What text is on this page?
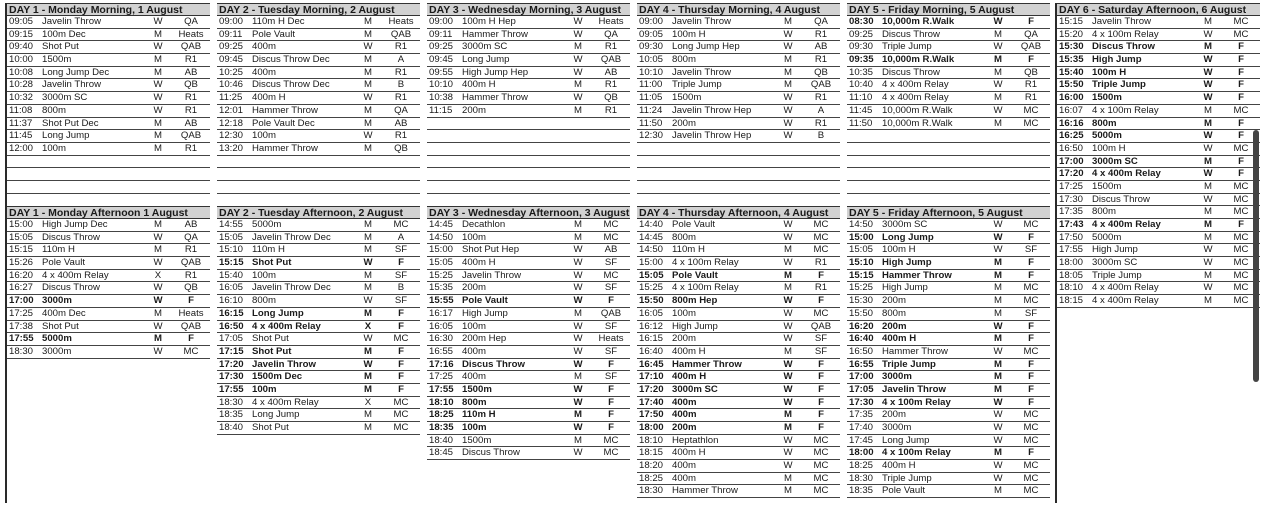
DAY 1 - Monday Morning, 1 August
09:05 Javelin Throw	W	QA
09:15 100m Dec	M	Heats
09:40 Shot Put	W	QAB
10:00 1500m	M	R1
10:08 Long Jump Dec	M	AB
10:28 Javelin Throw	W	QB
10:32 3000m SC	W	R1
11:08 800m	W	R1
11:37 Shot Put Dec	M	AB
11:45 Long Jump	M	QAB
12:00 100m	M	R1
DAY 1 - Monday Afternoon 1 August
15:00 High Jump Dec	M	AB
15:05 Discus Throw	W	QA
15:15 110m H	M	R1
15:26 Pole Vault	W	QAB
16:20 4 x 400m Relay	X	R1
16:27 Discus Throw	W	QB
17:00 3000m	W	F
17:25 400m Dec	M	Heats
17:38 Shot Put	W	QAB
17:55 5000m	M	F
18:30 3000m	W	MC
DAY 2 - Tuesday Morning, 2 August
09:00 110m H Dec	M	Heats
09:11 Pole Vault	M	QAB
09:25 400m	W	R1
09:45 Discus Throw Dec	M	A
10:25 400m	M	R1
10:46 Discus Throw Dec	M	B
11:25 400m H	W	R1
12:01 Hammer Throw	M	QA
12:18 Pole Vault Dec	M	AB
12:30 100m	W	R1
13:20 Hammer Throw	M	QB
DAY 2 - Tuesday Afternoon, 2 August
14:55 5000m	M	MC
15:05 Javelin Throw Dec	M	A
15:10 110m H	M	SF
15:15 Shot Put	W	F
15:40 100m	M	SF
16:05 Javelin Throw Dec	M	B
16:10 800m	W	SF
16:15 Long Jump	M	F
16:50 4 x 400m Relay	X	F
17:05 Shot Put	W	MC
17:15 Shot Put	M	F
17:20 Javelin Throw	W	F
17:30 1500m Dec	M	F
17:55 100m	M	F
18:30 4 x 400m Relay	X	MC
18:35 Long Jump	M	MC
18:40 Shot Put	M	MC
DAY 3 - Wednesday Morning, 3 August
09:00 100m H Hep	W	Heats
09:11 Hammer Throw	W	QA
09:25 3000m SC	M	R1
09:45 Long Jump	W	QAB
09:55 High Jump Hep	W	AB
10:10 400m H	M	R1
10:38 Hammer Throw	W	QB
11:15 200m	M	R1
DAY 3 - Wednesday Afternoon, 3 August
14:45 Decathlon	M	MC
14:50 100m	M	MC
15:00 Shot Put Hep	W	AB
15:05 400m H	W	SF
15:25 Javelin Throw	W	MC
15:35 200m	W	SF
15:55 Pole Vault	W	F
16:17 High Jump	M	QAB
16:05 100m	W	SF
16:30 200m Hep	W	Heats
16:55 400m	W	SF
17:16 Discus Throw	W	F
17:25 400m	M	SF
17:55 1500m	W	F
18:10 800m	W	F
18:25 110m H	M	F
18:35 100m	W	F
18:40 1500m	M	MC
18:45 Discus Throw	W	MC
DAY 4 - Thursday Morning, 4 August
09:00 Javelin Throw	M	QA
09:05 100m H	W	R1
09:30 Long Jump Hep	W	AB
10:05 800m	M	R1
10:10 Javelin Throw	M	QB
11:00 Triple Jump	M	QAB
11:05 1500m	W	R1
11:24 Javelin Throw Hep	W	A
11:50 200m	W	R1
12:30 Javelin Throw Hep	W	B
DAY 4 - Thursday Afternoon, 4 August
14:40 Pole Vault	W	MC
14:45 800m	W	MC
14:50 110m H	M	MC
15:00 4 x 100m Relay	W	R1
15:05 Pole Vault	M	F
15:25 4 x 100m Relay	M	R1
15:50 800m Hep	W	F
16:05 100m	W	MC
16:12 High Jump	W	QAB
16:15 200m	W	SF
16:40 400m H	M	SF
16:45 Hammer Throw	W	F
17:10 400m H	W	F
17:20 3000m SC	W	F
17:40 400m	W	F
17:50 400m	M	F
18:00 200m	M	F
18:10 Heptathlon	W	MC
18:15 400m H	W	MC
18:20 400m	W	MC
18:25 400m	M	MC
18:30 Hammer Throw	M	MC
DAY 5 - Friday Morning, 5 August
08:30 10,000m R.Walk	W	F
09:25 Discus Throw	M	QA
09:30 Triple Jump	W	QAB
09:35 10,000m R.Walk	M	F
10:35 Discus Throw	M	QB
10:40 4 x 400m Relay	W	R1
11:10 4 x 400m Relay	M	R1
11:45 10,000m R.Walk	W	MC
11:50 10,000m R.Walk	M	MC
DAY 5 - Friday Afternoon, 5 August
14:50 3000m SC	W	MC
15:00 Long Jump	W	F
15:05 100m H	W	SF
15:10 High Jump	M	F
15:15 Hammer Throw	M	F
15:25 High Jump	M	MC
15:30 200m	M	MC
15:50 800m	M	SF
16:20 200m	W	F
16:40 400m H	M	F
16:50 Hammer Throw	W	MC
16:55 Triple Jump	M	F
17:00 3000m	M	F
17:05 Javelin Throw	M	F
17:30 4 x 100m Relay	W	F
17:35 200m	W	MC
17:40 3000m	W	MC
17:45 Long Jump	W	MC
18:00 4 x 100m Relay	M	F
18:25 400m H	W	MC
18:30 Triple Jump	W	MC
18:35 Pole Vault	M	MC
DAY 6 - Saturday Afternoon, 6 August
15:15 Javelin Throw	M	MC
15:20 4 x 100m Relay	W	MC
15:30 Discus Throw	M	F
15:35 High Jump	W	F
15:40 100m H	W	F
15:50 Triple Jump	W	F
16:00 1500m	W	F
16:07 4 x 100m Relay	M	MC
16:16 800m	M	F
16:25 5000m	W	F
16:50 100m H	W	MC
17:00 3000m SC	M	F
17:20 4 x 400m Relay	W	F
17:25 1500m	M	MC
17:30 Discus Throw	W	MC
17:35 800m	M	MC
17:43 4 x 400m Relay	M	F
17:50 5000m	M	MC
17:55 High Jump	W	MC
18:00 3000m SC	W	MC
18:05 Triple Jump	M	MC
18:10 4 x 400m Relay	W	MC
18:15 4 x 400m Relay	M	MC
